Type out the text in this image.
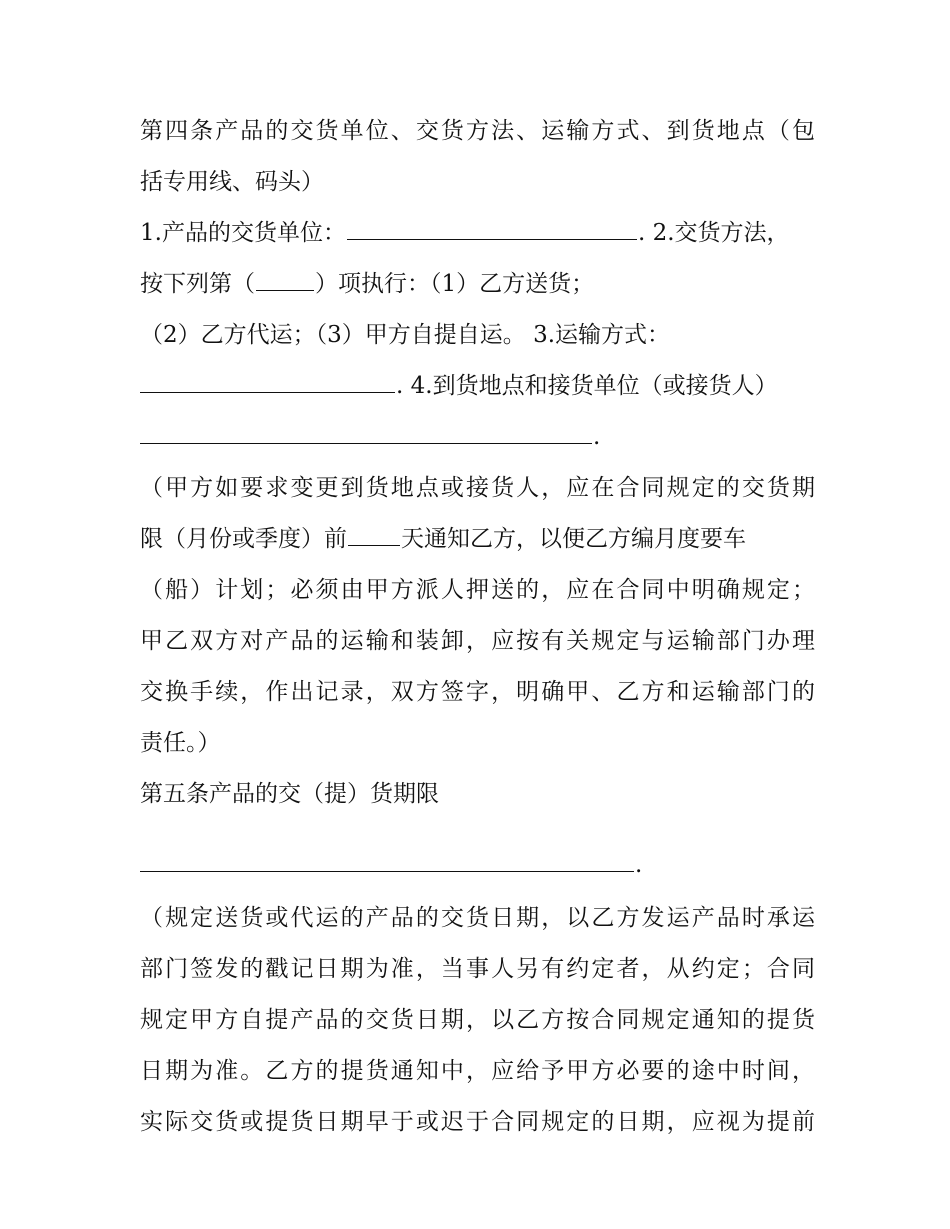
第四条产品的交货单位、交货方法、运输方式、到货地点（包
括专用线、码头）
1.产品的交货单位：	. 2.交货方法，
按下列第（	）项执行：（1）乙方送货；
（2）乙方代运；（3）甲方自提自运。 3.运输方式：
. 4.到货地点和接货单位（或接货人）
.
（甲方如要求变更到货地点或接货人，应在合同规定的交货期
限（月份或季度）前 天通知乙方，以便乙方编月度要车
（船）计划；必须由甲方派人押送的，应在合同中明确规定；
甲乙双方对产品的运输和装卸，应按有关规定与运输部门办理
交换手续，作出记录，双方签字，明确甲、乙方和运输部门的
责任。）
第五条产品的交（提）货期限
.
（规定送货或代运的产品的交货日期，以乙方发运产品时承运
部门签发的戳记日期为准，当事人另有约定者，从约定；合同
规定甲方自提产品的交货日期，以乙方按合同规定通知的提货
日期为准。乙方的提货通知中，应给予甲方必要的途中时间，
实际交货或提货日期早于或迟于合同规定的日期，应视为提前
